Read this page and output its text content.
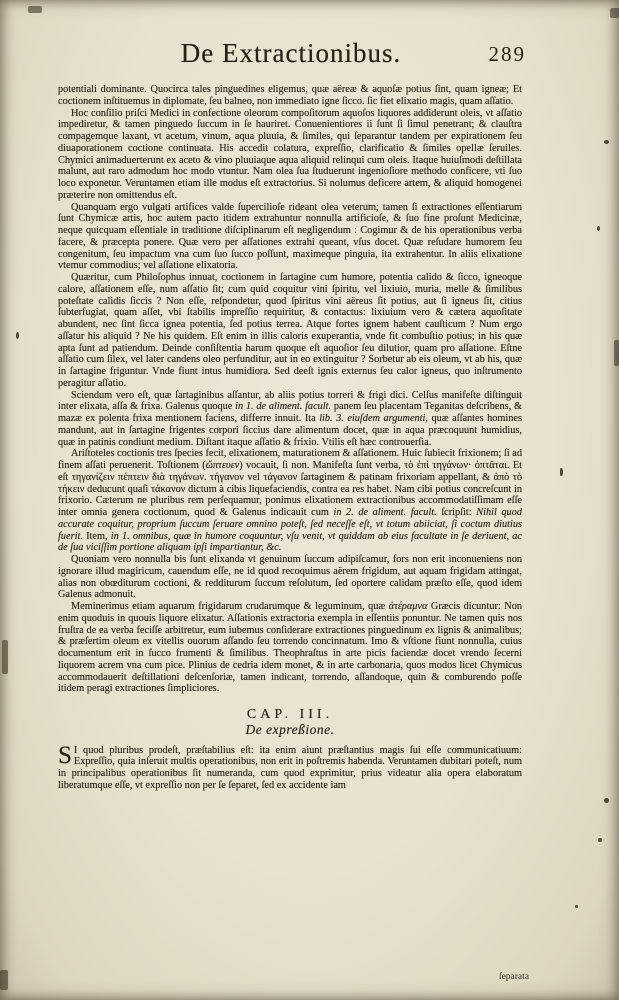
De Extractionibus.	289

potentiali dominante. Quocirca tales pinguedines eligemus, quæ aëreæ & aquoſæ potius ſint, quam igneæ; Et coctionem inſtituemus in diplomate, ſeu balneo, non immediato igne ſicco. ſic fiet elixatio magis, quam aſſatio.

Hoc conſilio priſci Medici in confectione oleorum compoſitorum aquoſos liquores addiderunt oleis, vt aſſatio impediretur, & tamen pinguedo ſuccum in ſe hauriret. Conuenientiores ii ſunt ſi ſimul penetrant; & clauſtra compagemque laxant, vt acetum, vinum, aqua pluuia, & ſimiles, qui ſeparantur tandem per expirationem ſeu diuaporationem coctione continuata. His accedit colatura, expreſſio, clarificatio & ſimiles opellæ ſeruiles. Chymici animaduerterunt ex aceto & vino pluuiaque aqua aliquid relinqui cum oleis. Itaque huiuſmodi deſtillata malunt, aut raro admodum hoc modo vtuntur. Nam olea ſua ſtuduerunt ingenioſiore methodo conficere, vti ſuo loco exponetur. Veruntamen etiam ille modus eſt extractorius. Si nolumus deficere artem, & aliquid homogenei præterire non omittendus eſt.

Quanquam ergo vulgati artifices valde ſupercilioſe rideant olea veterum; tamen ſi extractiones eſſentiarum ſunt Chymicæ artis, hoc autem pacto itidem extrahuntur nonnulla artificioſe, & ſuo fine proſunt Medicinæ, neque quicquam eſſentiale in traditione diſciplinarum eſt negligendum : Cogimur & de his operationibus verba facere, & præcepta ponere. Quæ vero per aſſationes extrahi queant, vſus docet. Quæ reſudare humorem ſeu congenitum, ſeu impactum vna cum ſuo ſucco poſſunt, maximeque pinguia, ita extrahentur. In aliis elixatione vtemur commodius; vel aſſatione elixatoria.

Quæritur, cum Philoſophus innuat, coctionem in ſartagine cum humore, potentia calido & ſicco, igneoque calore, aſſationem eſſe, num aſſatio ſit; cum quid coquitur vini ſpiritu, vel lixiuio, muria, melle & ſimilibus poteſtate calidis ſiccis ? Non eſſe, reſpondetur, quod ſpiritus vini aëreus ſit potius, aut ſi igneus ſit, citius ſubterfugiat, quam aſſet, vbi ſtabilis impreſſio requiritur, & contactus: lixiuium vero & cætera aquoſitate abundent, nec ſint ſicca ignea potentia, ſed potius terrea. Atque fortes ignem habent cauſticum ? Num ergo aſſatur his aliquid ? Ne his quidem. Eſt enim in illis caloris exuperantia, vnde fit combuſtio potius; in his quæ apta ſunt ad patiendum. Deinde conſiſtentia harum quoque eſt aquoſior ſeu dilutior, quam pro aſſatione. Eſtne aſſatio cum ſilex, vel later candens oleo perfunditur, aut in eo extinguitur ? Sorbetur ab eis oleum, vt ab his, quæ in ſartagine friguntur. Vnde fiunt intus humidiora. Sed deeſt ignis externus ſeu calor igneus, quo inſtrumento peragitur aſſatio.

Sciendum vero eſt, quæ ſartaginibus aſſantur, ab aliis potius torreri & frigi dici. Celſus manifeſte diſtinguit inter elixata, aſſa & frixa. Galenus quoque in 1. de aliment. facult. panem ſeu placentam Teganitas deſcribens, & mazæ ex polenta frixa mentionem faciens, differre innuit. Ita lib. 3. eiuſdem argumenti, quæ aſſantes homines mandunt, aut in ſartagine frigentes corpori ſiccius dare alimentum docet, quæ in aqua præcoquunt humidius, quæ in patinis condiunt medium. Diſtant itaque aſſatio & frixio. Vtilis eſt hæc controuerſia.

Ariſtoteles coctionis tres ſpecies fecit, elixationem, maturationem & aſſationem. Huic ſubiecit frixionem; ſi ad finem aſſati peruenerit. Toſtionem (ὤπτευεν) vocauit, ſi non. Manifeſta ſunt verba, τὸ ἐπὶ τηγάνων· ὀπτᾶται. Et eſt τηγανίζειν πέπτειν διὰ τηγάνων. τήγανον vel τάγανον ſartaginem & patinam frixoriam appellant, & ἀπὸ τὸ τήκειν deducunt quaſi τάκανον dictum à cibis liquefaciendis, contra ea res habet. Nam cibi potius concreſcunt in frixorio. Cæterum ne pluribus rem perſequamur, ponimus elixationem extractionibus accommodatiſſimam eſſe inter omnia genera coctionum, quod & Galenus indicauit cum in 2. de aliment. facult. ſcripſit: Nihil quod accurate coquitur, proprium ſuccum ſeruare omnino poteſt, ſed neceſſe eſt, vt totum abiiciat, ſi coctum diutius fuerit. Item, in 1. omnibus, quæ in humore coquuntur, vſu venit, vt quiddam ab eius facultate in ſe deriuent, ac de ſua viciſſim portione aliquam ipſi impartiantur, &c.

Quoniam vero nonnulla bis ſunt elixanda vt genuinum ſuccum adipiſcamur, fors non erit inconueniens non ignorare illud magiricum, cauendum eſſe, ne id quod recoquimus aërem frigidum, aut aquam frigidam attingat, alias non obœditurum coctioni, & redditurum ſuccum reſolutum, ſed oportere calidam præſto eſſe, quod idem Galenus admonuit.

Meminerimus etiam aquarum frigidarum crudarumque & leguminum, quæ ἀτέραμνα Græcis dicuntur: Non enim quoduis in quouis liquore elixatur. Aſſationis extractoria exempla in eſſentiis ponuntur. Ne tamen quis nos fruſtra de ea verba feciſſe arbitretur, eum iubemus conſiderare extractiones pinguedinum ex lignis & animalibus; & præſertim oleum ex vitellis ouorum aſſando ſeu torrendo concinnatum. Imo & vſtione fiunt nonnulla, cuius documentum erit in ſucco frumenti & ſimilibus. Theophraſtus in arte picis faciendæ docet vrendo ſecerni liquorem acrem vna cum pice. Plinius de cedria idem monet, & in arte carbonaria, quos modos licet Chymicus accommodauerit deſtillationi deſcenſoriæ, tamen indicant, torrendo, aſſandoque, quin & comburendo poſſe itidem peragi extractiones ſimpliciores.

CAP. III.
De expreßione.

S I quod pluribus prodeſt, præſtabilius eſt: ita enim aiunt præſtantius magis ſui eſſe communicatiuum: Expreſſio, quia inſeruit multis operationibus, non erit in poſtremis habenda. Veruntamen dubitari poteſt, num in principalibus operationibus ſit numeranda, cum quod exprimitur, prius videatur alia opera elaboratum liberatumque eſſe, vt expreſſio non per ſe ſeparet, ſed ex accidente iam

ſeparata
